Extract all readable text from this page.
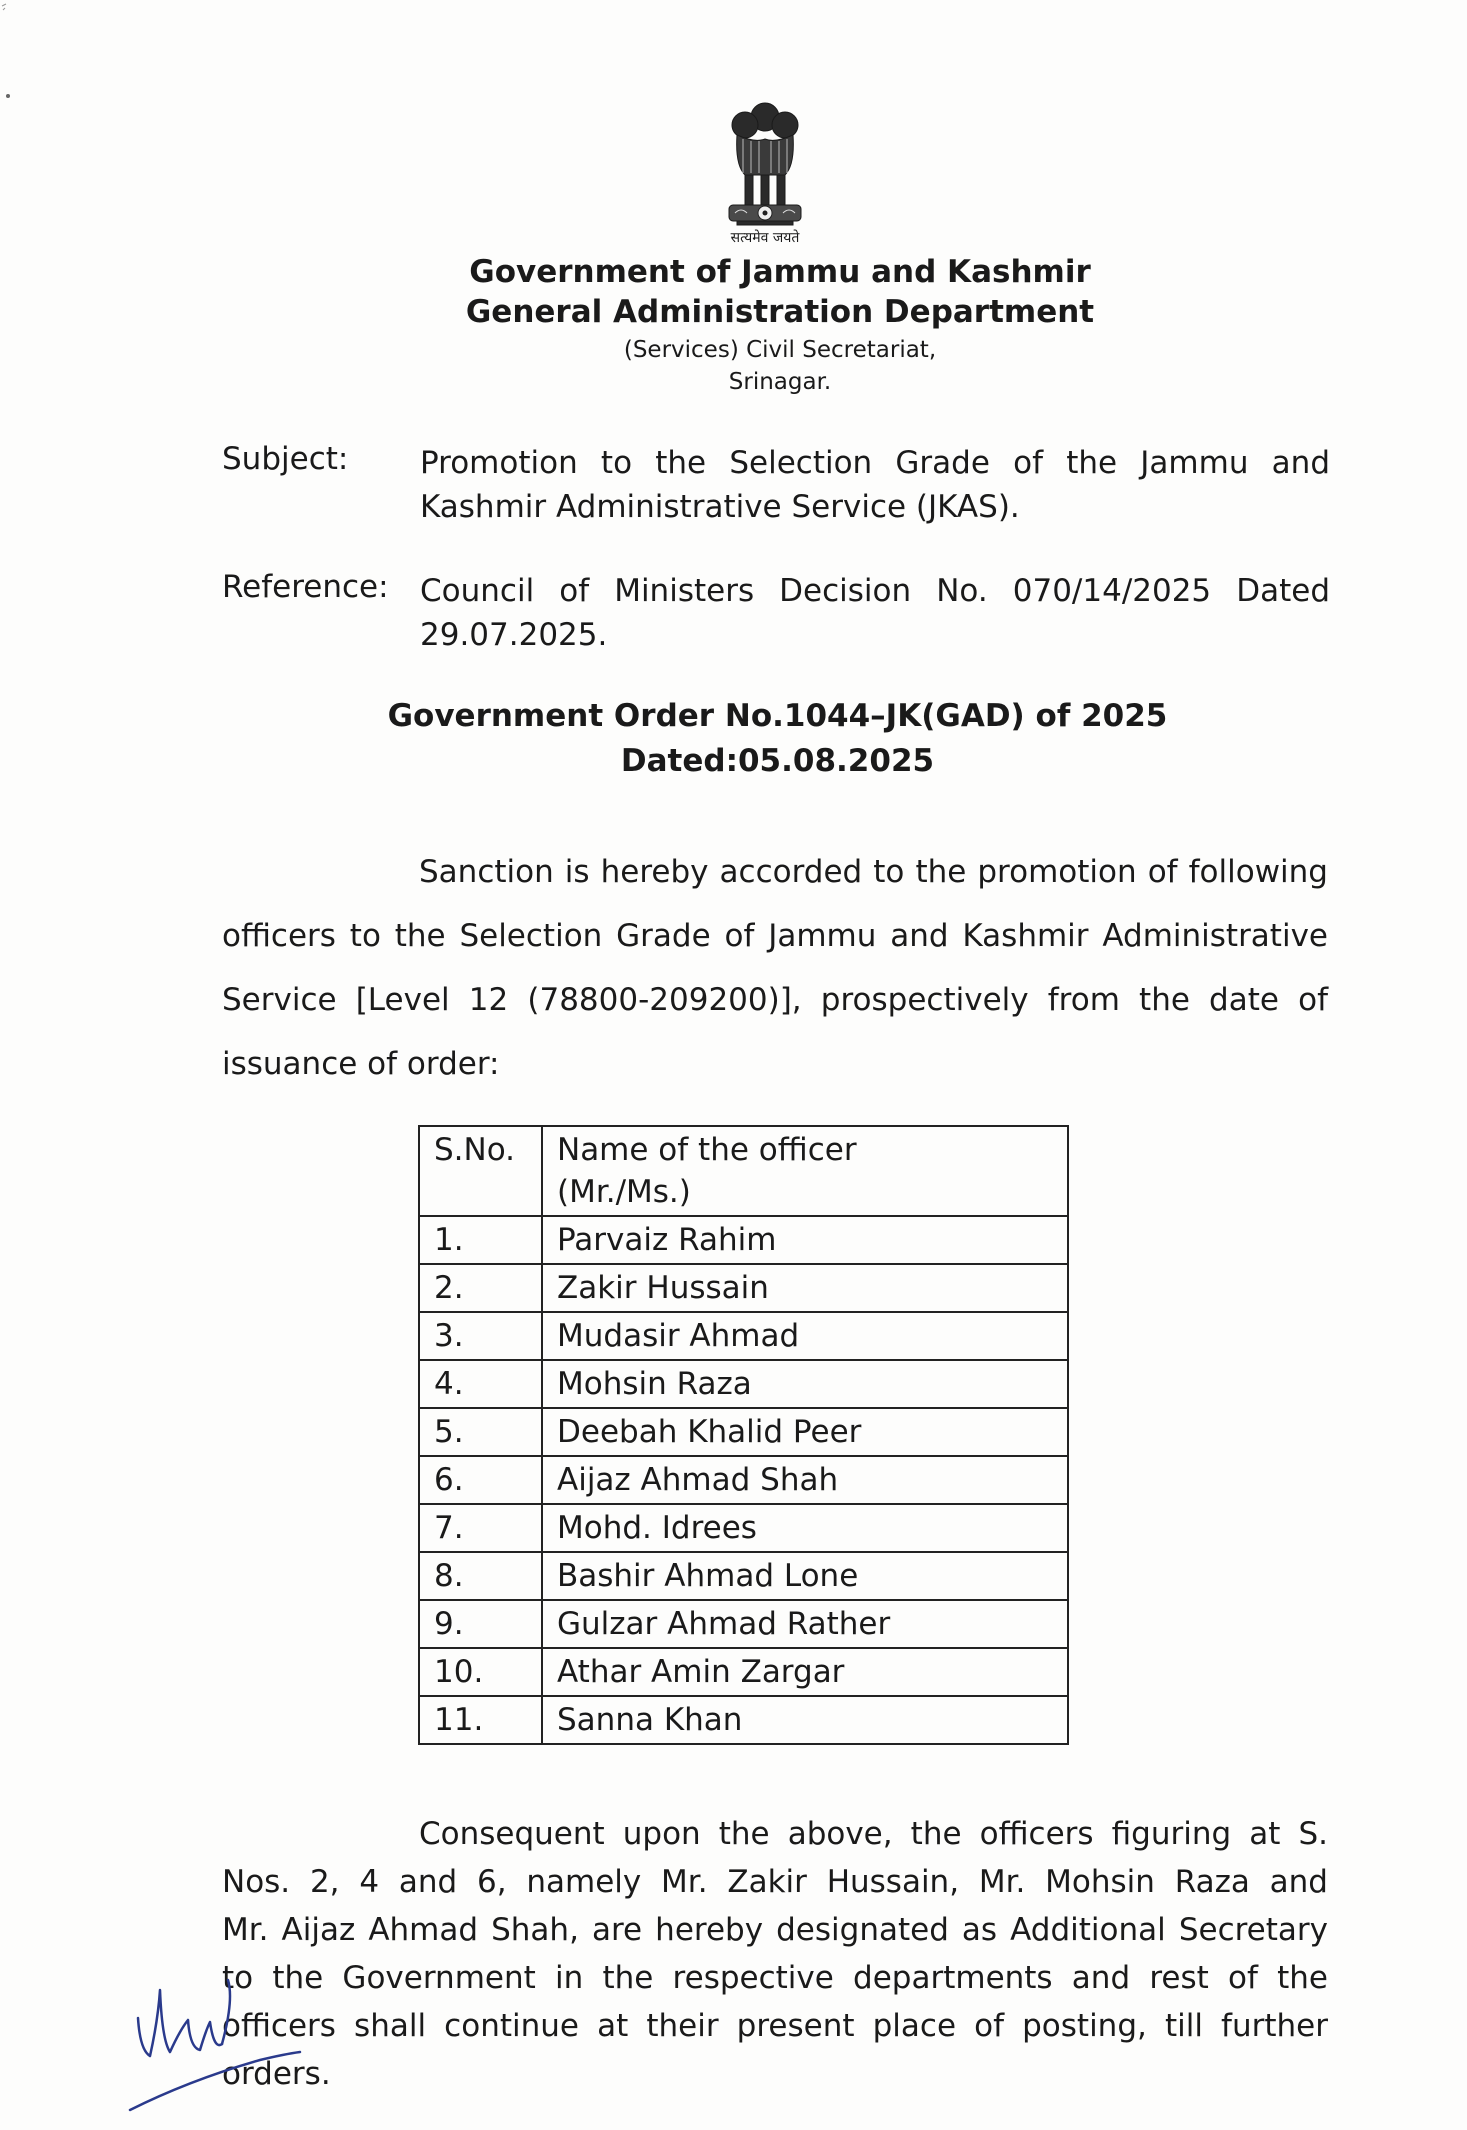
सत्यमेव जयते
Government of Jammu and Kashmir
General Administration Department
(Services) Civil Secretariat,
Srinagar.
Subject: Promotion to the Selection Grade of the Jammu and
Kashmir Administrative Service (JKAS).
Reference: Council of Ministers Decision No. 070/14/2025 Dated
29.07.2025.
Government Order No.1044–JK(GAD) of 2025
Dated:05.08.2025
Sanction is hereby accorded to the promotion of following
officers to the Selection Grade of Jammu and Kashmir Administrative
Service [Level 12 (78800-209200)], prospectively from the date of
issuance of order:
S.No.	Name of the officer
(Mr./Ms.)

1.	Parvaiz Rahim
2.	Zakir Hussain
3.	Mudasir Ahmad
4.	Mohsin Raza
5.	Deebah Khalid Peer
6.	Aijaz Ahmad Shah
7.	Mohd. Idrees
8.	Bashir Ahmad Lone
9.	Gulzar Ahmad Rather
10.	Athar Amin Zargar
11.	Sanna Khan
Consequent upon the above, the officers figuring at S.
Nos. 2, 4 and 6, namely Mr. Zakir Hussain, Mr. Mohsin Raza and
Mr. Aijaz Ahmad Shah, are hereby designated as Additional Secretary
to the Government in the respective departments and rest of the
officers shall continue at their present place of posting, till further
orders.
